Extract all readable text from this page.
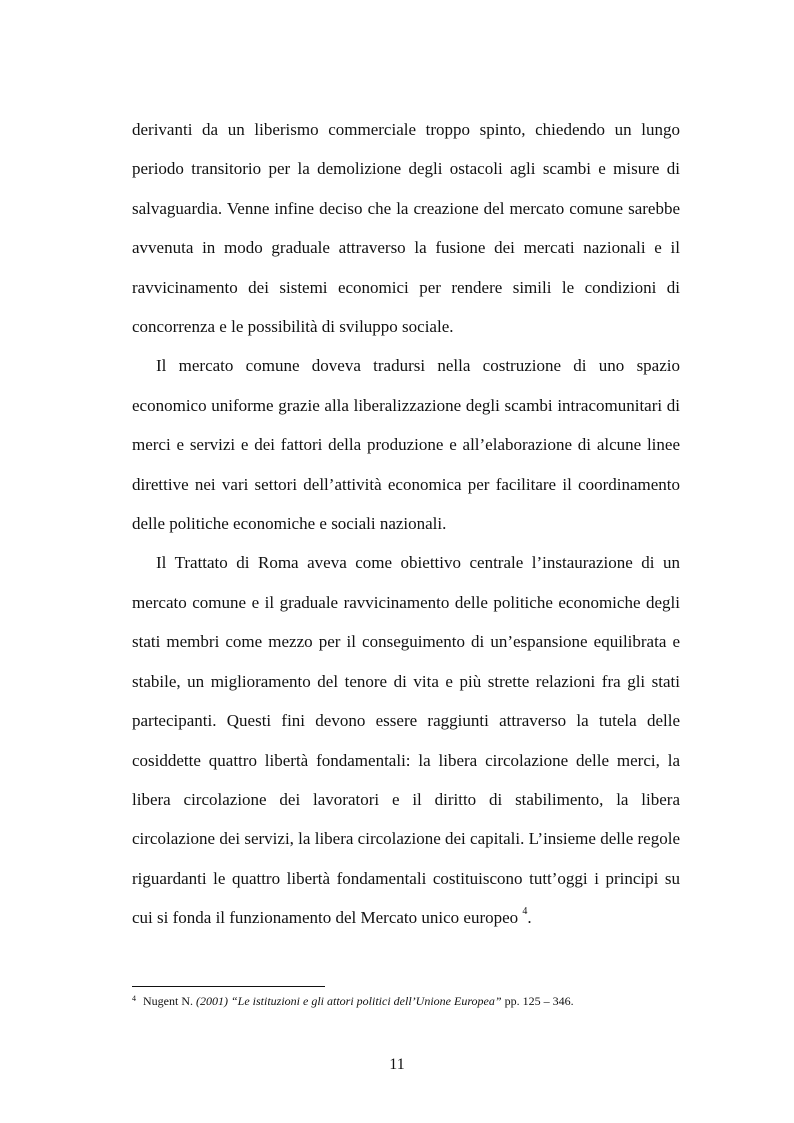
derivanti da un liberismo commerciale troppo spinto, chiedendo un lungo periodo transitorio per la demolizione degli ostacoli agli scambi e misure di salvaguardia. Venne infine deciso che la creazione del mercato comune sarebbe avvenuta in modo graduale attraverso la fusione dei mercati nazionali e il ravvicinamento dei sistemi economici per rendere simili le condizioni di concorrenza e le possibilità di sviluppo sociale.

Il mercato comune doveva tradursi nella costruzione di uno spazio economico uniforme grazie alla liberalizzazione degli scambi intracomunitari di merci e servizi e dei fattori della produzione e all’elaborazione di alcune linee direttive nei vari settori dell’attività economica per facilitare il coordinamento delle politiche economiche e sociali nazionali.

Il Trattato di Roma aveva come obiettivo centrale l’instaurazione di un mercato comune e il graduale ravvicinamento delle politiche economiche degli stati membri come mezzo per il conseguimento di un’espansione equilibrata e stabile, un miglioramento del tenore di vita e più strette relazioni fra gli stati partecipanti. Questi fini devono essere raggiunti attraverso la tutela delle cosiddette quattro libertà fondamentali: la libera circolazione delle merci, la libera circolazione dei lavoratori e il diritto di stabilimento, la libera circolazione dei servizi, la libera circolazione dei capitali. L’insieme delle regole riguardanti le quattro libertà fondamentali costituiscono tutt’oggi i principi su cui si fonda il funzionamento del Mercato unico europeo $^4$.

$^4$ Nugent N. (2001) “Le istituzioni e gli attori politici dell’Unione Europea” pp. 125 – 346.
11
